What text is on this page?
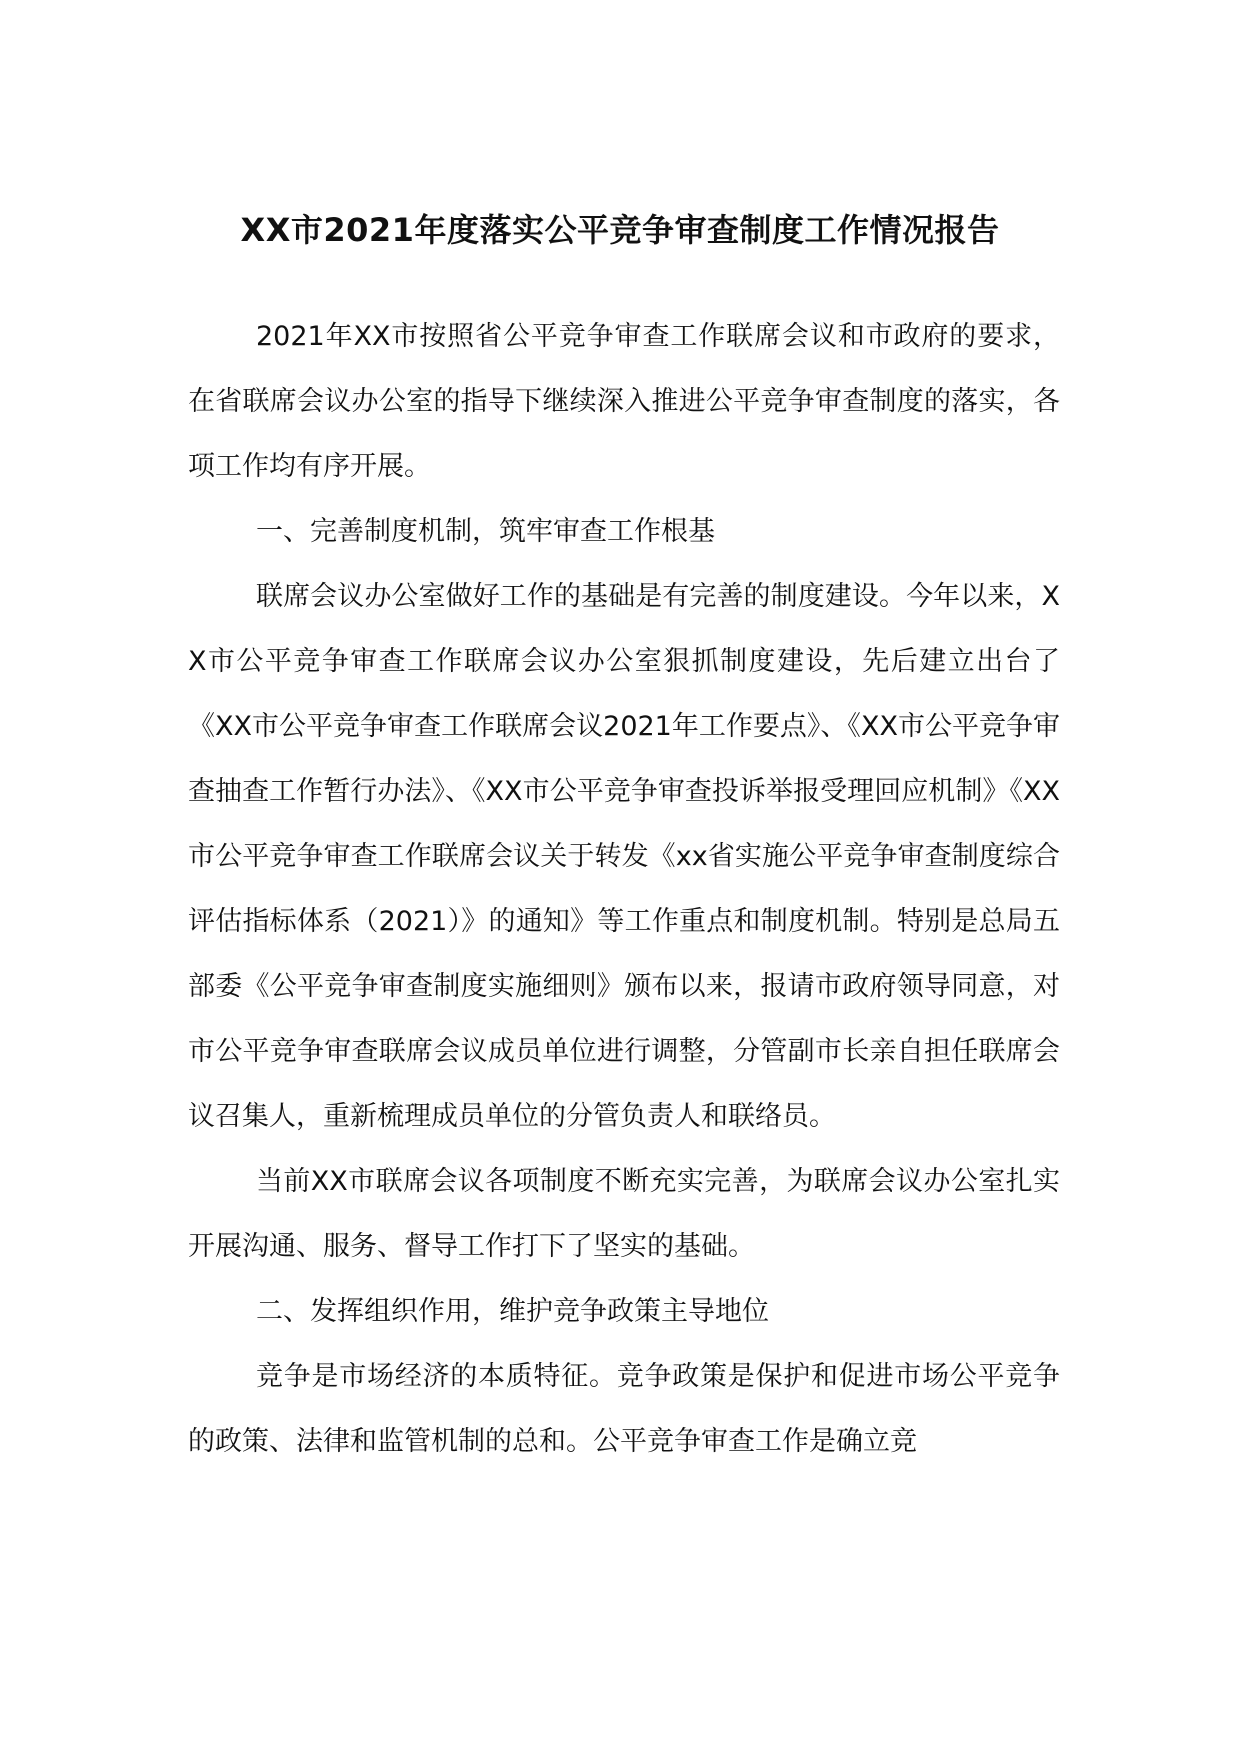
XX市2021年度落实公平竞争审查制度工作情况报告

2021年XX市按照省公平竞争审查工作联席会议和市政府的要求，在省联席会议办公室的指导下继续深入推进公平竞争审查制度的落实，各项工作均有序开展。

一、完善制度机制，筑牢审查工作根基

联席会议办公室做好工作的基础是有完善的制度建设。今年以来，XX市公平竞争审查工作联席会议办公室狠抓制度建设，先后建立出台了《XX市公平竞争审查工作联席会议2021年工作要点》、《XX市公平竞争审查抽查工作暂行办法》、《XX市公平竞争审查投诉举报受理回应机制》《XX市公平竞争审查工作联席会议关于转发《xx省实施公平竞争审查制度综合评估指标体系（2021）》的通知》等工作重点和制度机制。特别是总局五部委《公平竞争审查制度实施细则》颁布以来，报请市政府领导同意，对市公平竞争审查联席会议成员单位进行调整，分管副市长亲自担任联席会议召集人，重新梳理成员单位的分管负责人和联络员。

当前XX市联席会议各项制度不断充实完善，为联席会议办公室扎实开展沟通、服务、督导工作打下了坚实的基础。

二、发挥组织作用，维护竞争政策主导地位

竞争是市场经济的本质特征。竞争政策是保护和促进市场公平竞争的政策、法律和监管机制的总和。公平竞争审查工作是确立竞
